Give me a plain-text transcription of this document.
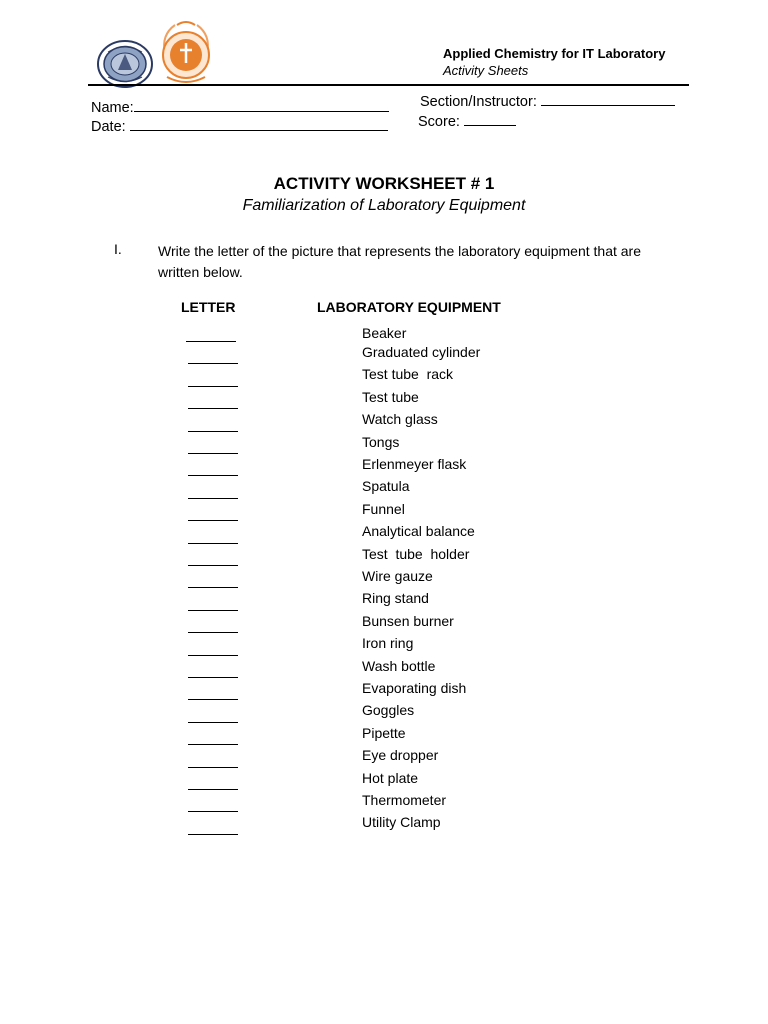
Applied Chemistry for IT Laboratory
Activity Sheets
Name:
Date:
Section/Instructor:
Score:
ACTIVITY WORKSHEET # 1
Familiarization of Laboratory Equipment
I.	Write the letter of the picture that represents the laboratory equipment that are written below.
LETTER	LABORATORY EQUIPMENT
Beaker
Graduated cylinder
Test tube  rack
Test tube
Watch glass
Tongs
Erlenmeyer flask
Spatula
Funnel
Analytical balance
Test  tube  holder
Wire gauze
Ring stand
Bunsen burner
Iron ring
Wash bottle
Evaporating dish
Goggles
Pipette
Eye dropper
Hot plate
Thermometer
Utility Clamp
